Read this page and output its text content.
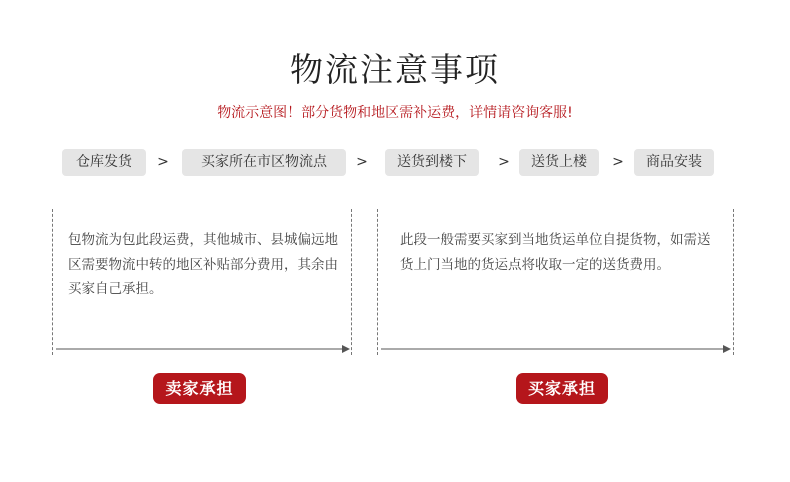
物流注意事项
物流示意图！部分货物和地区需补运费，详情请咨询客服!
仓库发货	>	买家所在市区物流点	>	送货到楼下	>	送货上楼	>	商品安装
包物流为包此段运费，其他城市、县城偏远地区需要物流中转的地区补贴部分费用，其余由买家自己承担。
此段一般需要买家到当地货运单位自提货物，如需送货上门当地的货运点将收取一定的送货费用。
卖家承担	买家承担
